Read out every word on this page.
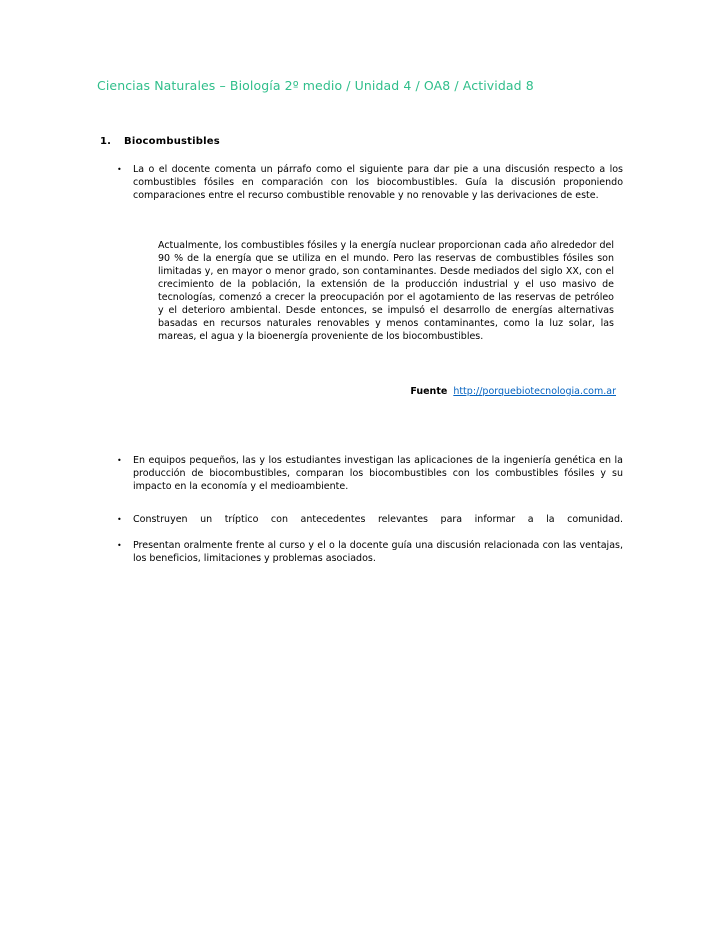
Ciencias Naturales – Biología 2º medio / Unidad 4 / OA8 / Actividad 8
1. Biocombustibles
•	La o el docente comenta un párrafo como el siguiente para dar pie a una discusión respecto a los combustibles fósiles en comparación con los biocombustibles. Guía la discusión proponiendo comparaciones entre el recurso combustible renovable y no renovable y las derivaciones de este.

Actualmente, los combustibles fósiles y la energía nuclear proporcionan cada año alrededor del 90 % de la energía que se utiliza en el mundo. Pero las reservas de combustibles fósiles son limitadas y, en mayor o menor grado, son contaminantes. Desde mediados del siglo XX, con el crecimiento de la población, la extensión de la producción industrial y el uso masivo de tecnologías, comenzó a crecer la preocupación por el agotamiento de las reservas de petróleo y el deterioro ambiental. Desde entonces, se impulsó el desarrollo de energías alternativas basadas en recursos naturales renovables y menos contaminantes, como la luz solar, las mareas, el agua y la bioenergía proveniente de los biocombustibles.

Fuente http://porquebiotecnologia.com.ar
•	En equipos pequeños, las y los estudiantes investigan las aplicaciones de la ingeniería genética en la producción de biocombustibles, comparan los biocombustibles con los combustibles fósiles y su impacto en la economía y el medioambiente.

•	Construyen un tríptico con antecedentes relevantes para informar a la comunidad.

•	Presentan oralmente frente al curso y el o la docente guía una discusión relacionada con las ventajas, los beneficios, limitaciones y problemas asociados.
